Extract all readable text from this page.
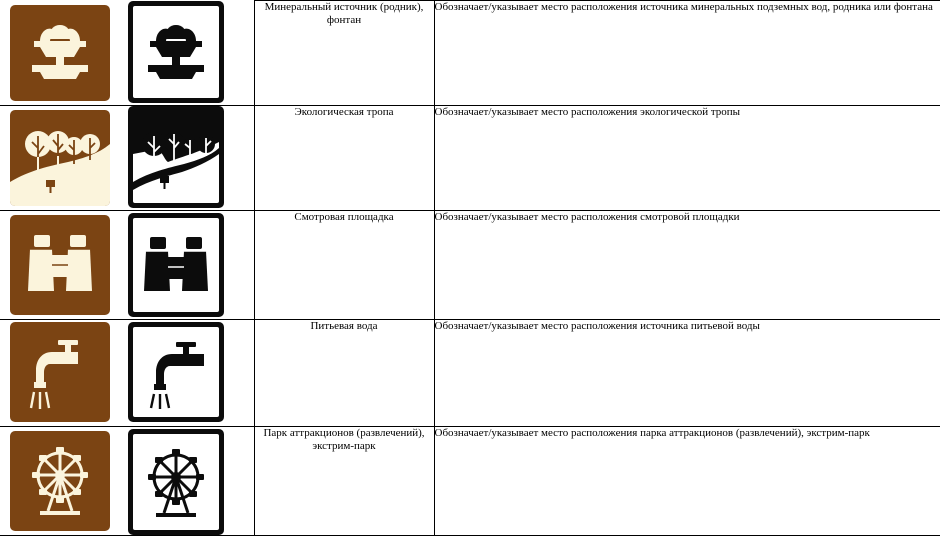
	Минеральный источник (родник), фонтан	Обозначает/указывает место расположения источника минеральных подземных вод, родника или фонтана

	Экологическая тропа	Обозначает/указывает место расположения экологической тропы

	Смотровая площадка	Обозначает/указывает место расположения смотровой площадки

	Питьевая вода	Обозначает/указывает место расположения источника питьевой воды

	Парк аттракционов (развлечений), экстрим-парк	Обозначает/указывает место расположения парка аттракционов (развлечений), экстрим-парк
